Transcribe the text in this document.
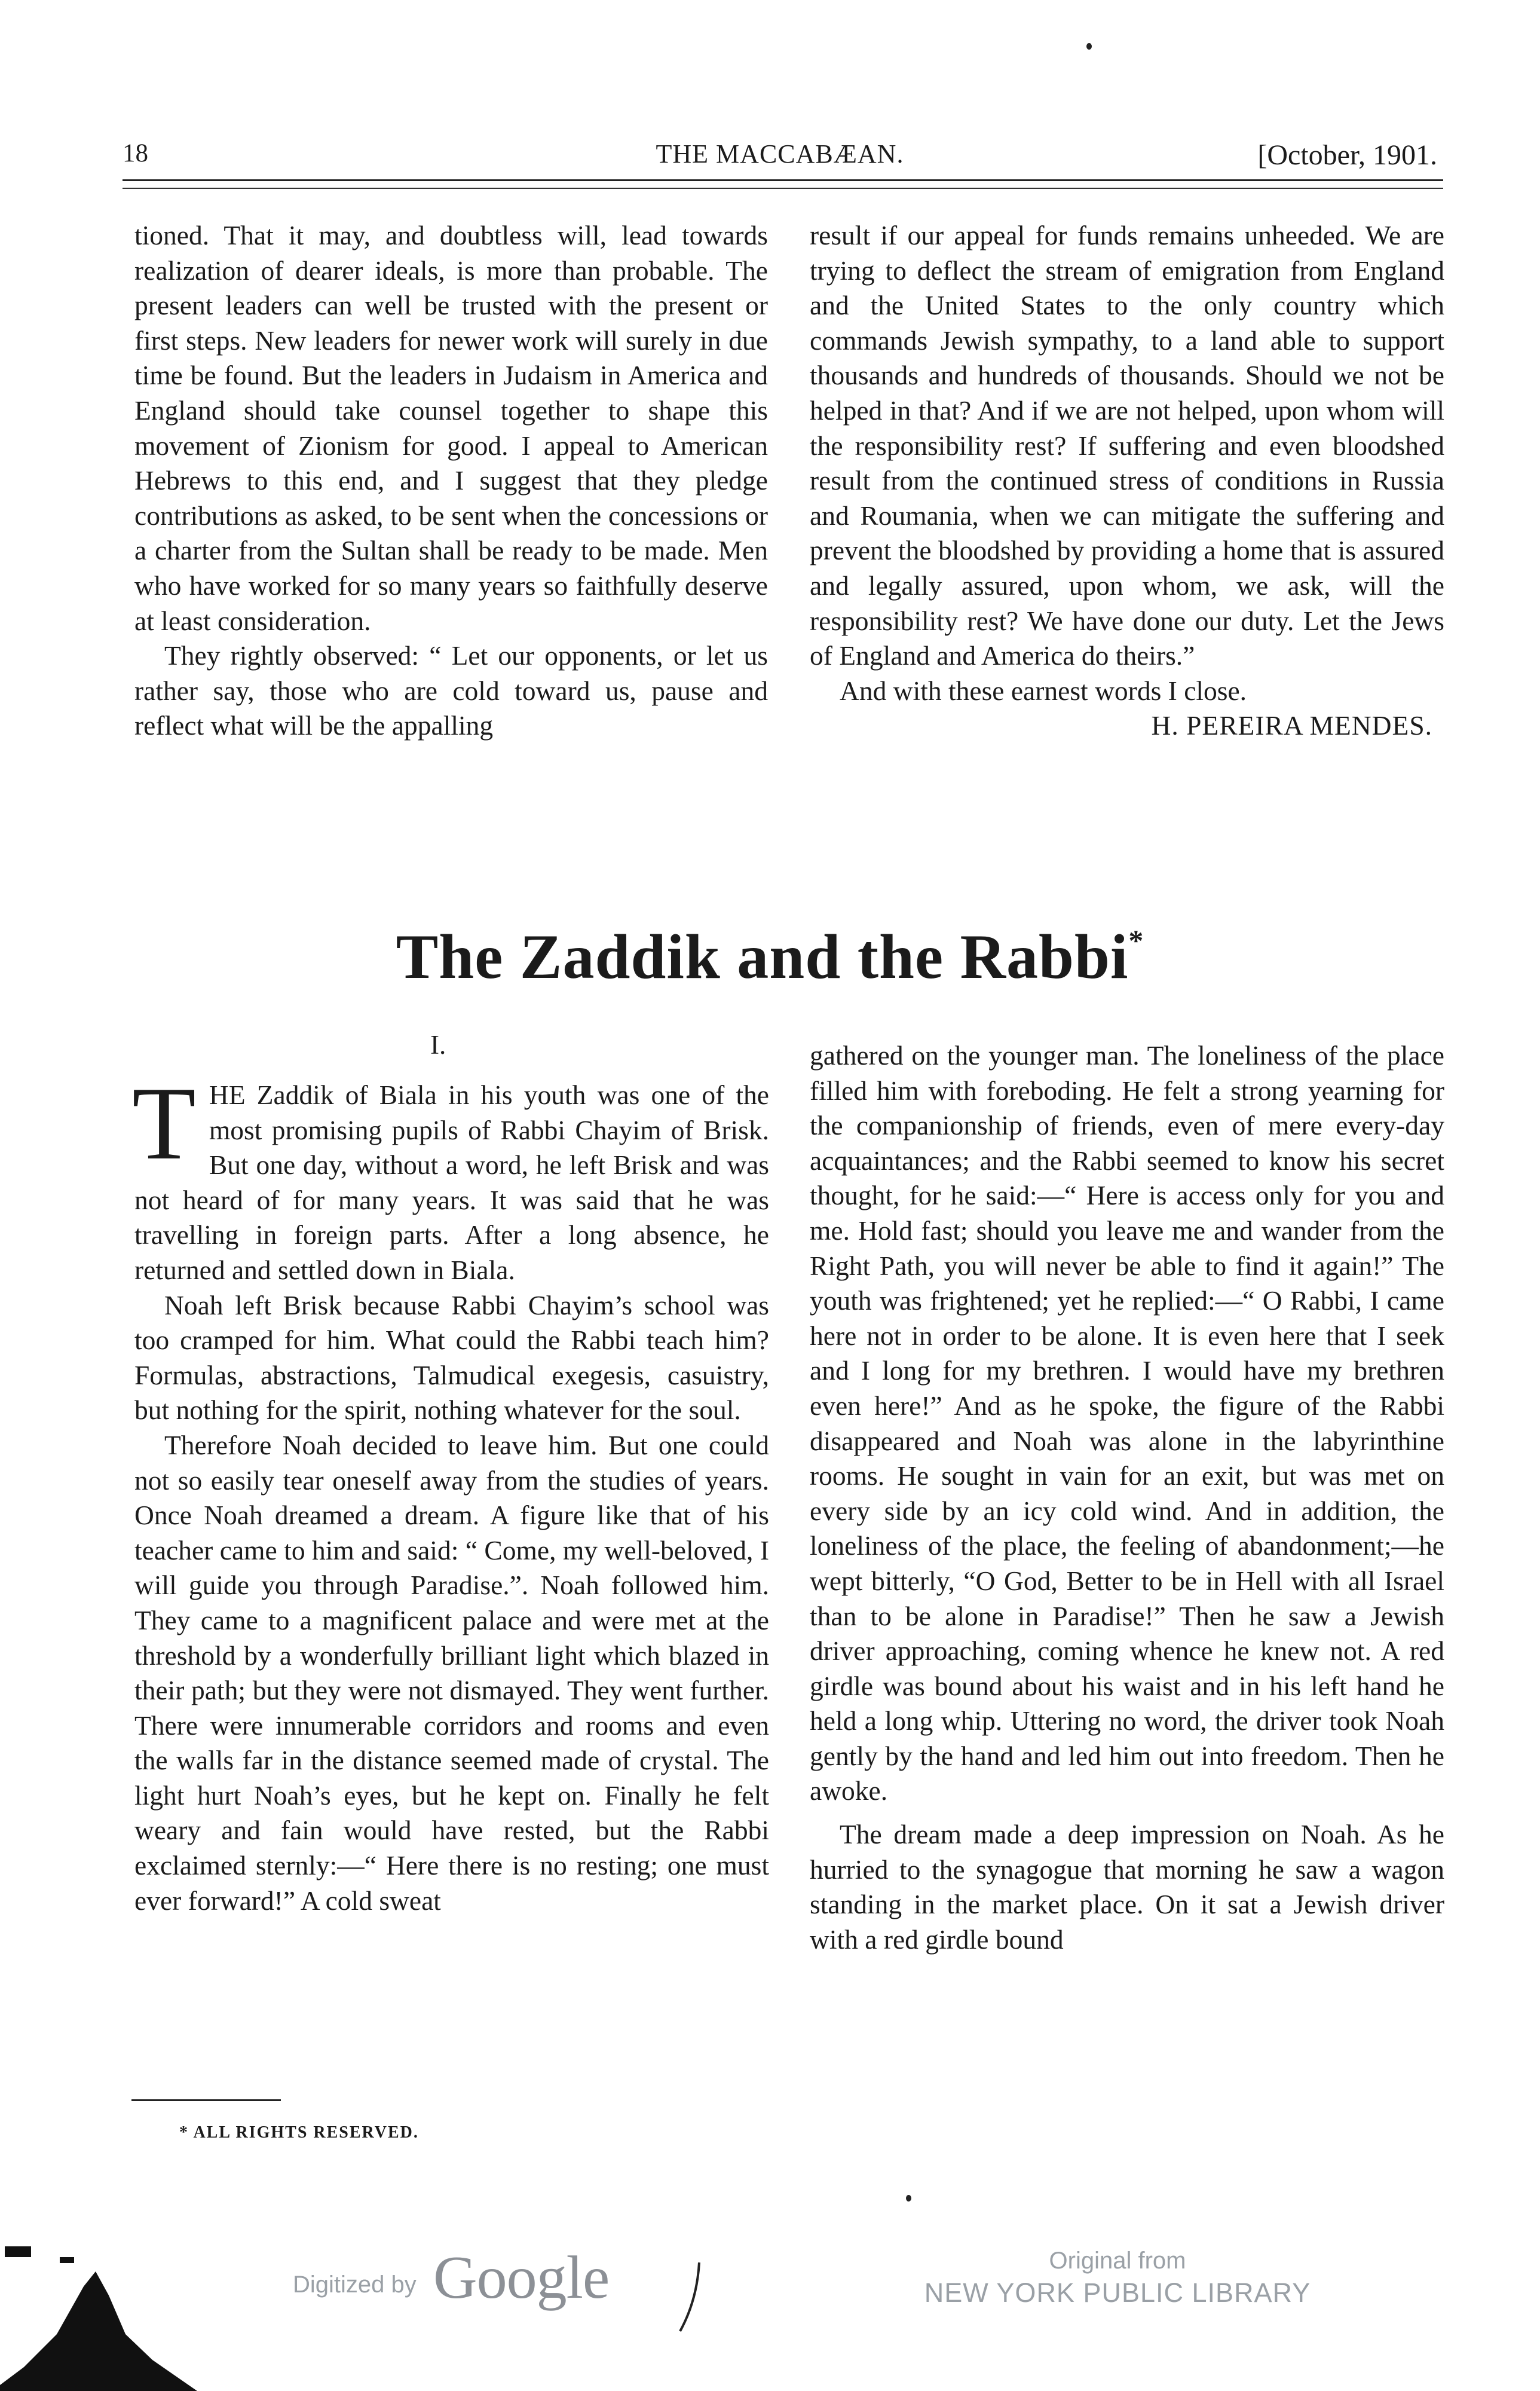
18	THE MACCABÆAN.	[October, 1901.

tioned. That it may, and doubtless will, lead towards realization of dearer ideals, is more than probable. The present leaders can well be trusted with the present or first steps. New leaders for newer work will surely in due time be found. But the leaders in Judaism in America and England should take counsel together to shape this movement of Zionism for good. I appeal to American Hebrews to this end, and I suggest that they pledge contributions as asked, to be sent when the concessions or a charter from the Sultan shall be ready to be made. Men who have worked for so many years so faithfully deserve at least consideration.

They rightly observed: “ Let our opponents, or let us rather say, those who are cold toward us, pause and reflect what will be the appalling

result if our appeal for funds remains unheeded. We are trying to deflect the stream of emigration from England and the United States to the only country which commands Jewish sympathy, to a land able to support thousands and hundreds of thousands. Should we not be helped in that? And if we are not helped, upon whom will the responsibility rest? If suffering and even bloodshed result from the continued stress of conditions in Russia and Roumania, when we can mitigate the suffering and prevent the bloodshed by providing a home that is assured and legally assured, upon whom, we ask, will the responsibility rest? We have done our duty. Let the Jews of England and America do theirs.”

And with these earnest words I close.

H. PEREIRA MENDES.

The Zaddik and the Rabbi*
I.

THE Zaddik of Biala in his youth was one of the most promising pupils of Rabbi Chayim of Brisk. But one day, without a word, he left Brisk and was not heard of for many years. It was said that he was travelling in foreign parts. After a long absence, he returned and settled down in Biala.

Noah left Brisk because Rabbi Chayim’s school was too cramped for him. What could the Rabbi teach him? Formulas, abstractions, Talmudical exegesis, casuistry, but nothing for the spirit, nothing whatever for the soul.

Therefore Noah decided to leave him. But one could not so easily tear oneself away from the studies of years. Once Noah dreamed a dream. A figure like that of his teacher came to him and said: “ Come, my well-beloved, I will guide you through Paradise.”. Noah followed him. They came to a magnificent palace and were met at the threshold by a wonderfully brilliant light which blazed in their path; but they were not dismayed. They went further. There were innumerable corridors and rooms and even the walls far in the distance seemed made of crystal. The light hurt Noah’s eyes, but he kept on. Finally he felt weary and fain would have rested, but the Rabbi exclaimed sternly:—“ Here there is no resting; one must ever forward!” A cold sweat

gathered on the younger man. The loneliness of the place filled him with foreboding. He felt a strong yearning for the companionship of friends, even of mere every-day acquaintances; and the Rabbi seemed to know his secret thought, for he said:—“ Here is access only for you and me. Hold fast; should you leave me and wander from the Right Path, you will never be able to find it again!” The youth was frightened; yet he replied:—“ O Rabbi, I came here not in order to be alone. It is even here that I seek and I long for my brethren. I would have my brethren even here!” And as he spoke, the figure of the Rabbi disappeared and Noah was alone in the labyrinthine rooms. He sought in vain for an exit, but was met on every side by an icy cold wind. And in addition, the loneliness of the place, the feeling of abandonment;—he wept bitterly, “O God, Better to be in Hell with all Israel than to be alone in Paradise!” Then he saw a Jewish driver approaching, coming whence he knew not. A red girdle was bound about his waist and in his left hand he held a long whip. Uttering no word, the driver took Noah gently by the hand and led him out into freedom. Then he awoke.

The dream made a deep impression on Noah. As he hurried to the synagogue that morning he saw a wagon standing in the market place. On it sat a Jewish driver with a red girdle bound

* ALL RIGHTS RESERVED.
Digitized by Google	Original from
NEW YORK PUBLIC LIBRARY
